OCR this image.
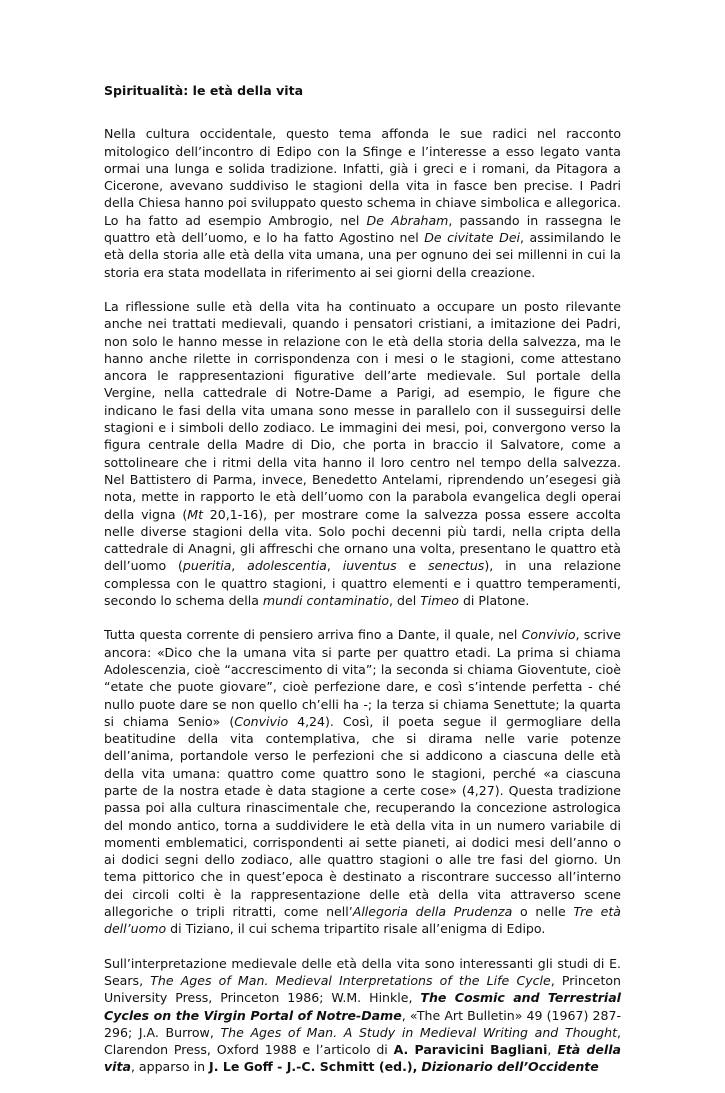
Spiritualità: le età della vita

Nella cultura occidentale, questo tema affonda le sue radici nel racconto mitologico dell’incontro di Edipo con la Sfinge e l’interesse a esso legato vanta ormai una lunga e solida tradizione. Infatti, già i greci e i romani, da Pitagora a Cicerone, avevano suddiviso le stagioni della vita in fasce ben precise. I Padri della Chiesa hanno poi sviluppato questo schema in chiave simbolica e allegorica. Lo ha fatto ad esempio Ambrogio, nel De Abraham, passando in rassegna le quattro età dell’uomo, e lo ha fatto Agostino nel De civitate Dei, assimilando le età della storia alle età della vita umana, una per ognuno dei sei millenni in cui la storia era stata modellata in riferimento ai sei giorni della creazione.

La riflessione sulle età della vita ha continuato a occupare un posto rilevante anche nei trattati medievali, quando i pensatori cristiani, a imitazione dei Padri, non solo le hanno messe in relazione con le età della storia della salvezza, ma le hanno anche rilette in corrispondenza con i mesi o le stagioni, come attestano ancora le rappresentazioni figurative dell’arte medievale. Sul portale della Vergine, nella cattedrale di Notre-Dame a Parigi, ad esempio, le figure che indicano le fasi della vita umana sono messe in parallelo con il susseguirsi delle stagioni e i simboli dello zodiaco. Le immagini dei mesi, poi, convergono verso la figura centrale della Madre di Dio, che porta in braccio il Salvatore, come a sottolineare che i ritmi della vita hanno il loro centro nel tempo della salvezza. Nel Battistero di Parma, invece, Benedetto Antelami, riprendendo un’esegesi già nota, mette in rapporto le età dell’uomo con la parabola evangelica degli operai della vigna (Mt 20,1-16), per mostrare come la salvezza possa essere accolta nelle diverse stagioni della vita. Solo pochi decenni più tardi, nella cripta della cattedrale di Anagni, gli affreschi che ornano una volta, presentano le quattro età dell’uomo (pueritia, adolescentia, iuventus e senectus), in una relazione complessa con le quattro stagioni, i quattro elementi e i quattro temperamenti, secondo lo schema della mundi contaminatio, del Timeo di Platone.

Tutta questa corrente di pensiero arriva fino a Dante, il quale, nel Convivio, scrive ancora: «Dico che la umana vita si parte per quattro etadi. La prima si chiama Adolescenzia, cioè “accrescimento di vita”; la seconda si chiama Gioventute, cioè “etate che puote giovare”, cioè perfezione dare, e così s’intende perfetta - ché nullo puote dare se non quello ch’elli ha -; la terza si chiama Senettute; la quarta si chiama Senio» (Convivio 4,24). Così, il poeta segue il germogliare della beatitudine della vita contemplativa, che si dirama nelle varie potenze dell’anima, portandole verso le perfezioni che si addicono a ciascuna delle età della vita umana: quattro come quattro sono le stagioni, perché «a ciascuna parte de la nostra etade è data stagione a certe cose» (4,27). Questa tradizione passa poi alla cultura rinascimentale che, recuperando la concezione astrologica del mondo antico, torna a suddividere le età della vita in un numero variabile di momenti emblematici, corrispondenti ai sette pianeti, ai dodici mesi dell’anno o ai dodici segni dello zodiaco, alle quattro stagioni o alle tre fasi del giorno. Un tema pittorico che in quest’epoca è destinato a riscontrare successo all’interno dei circoli colti è la rappresentazione delle età della vita attraverso scene allegoriche o tripli ritratti, come nell’Allegoria della Prudenza o nelle Tre età dell’uomo di Tiziano, il cui schema tripartito risale all’enigma di Edipo.

Sull’interpretazione medievale delle età della vita sono interessanti gli studi di E. Sears, The Ages of Man. Medieval Interpretations of the Life Cycle, Princeton University Press, Princeton 1986; W.M. Hinkle, The Cosmic and Terrestrial Cycles on the Virgin Portal of Notre-Dame, «The Art Bulletin» 49 (1967) 287-296; J.A. Burrow, The Ages of Man. A Study in Medieval Writing and Thought, Clarendon Press, Oxford 1988 e l’articolo di A. Paravicini Bagliani, Età della vita, apparso in J. Le Goff - J.-C. Schmitt (ed.), Dizionario dell’Occidente
